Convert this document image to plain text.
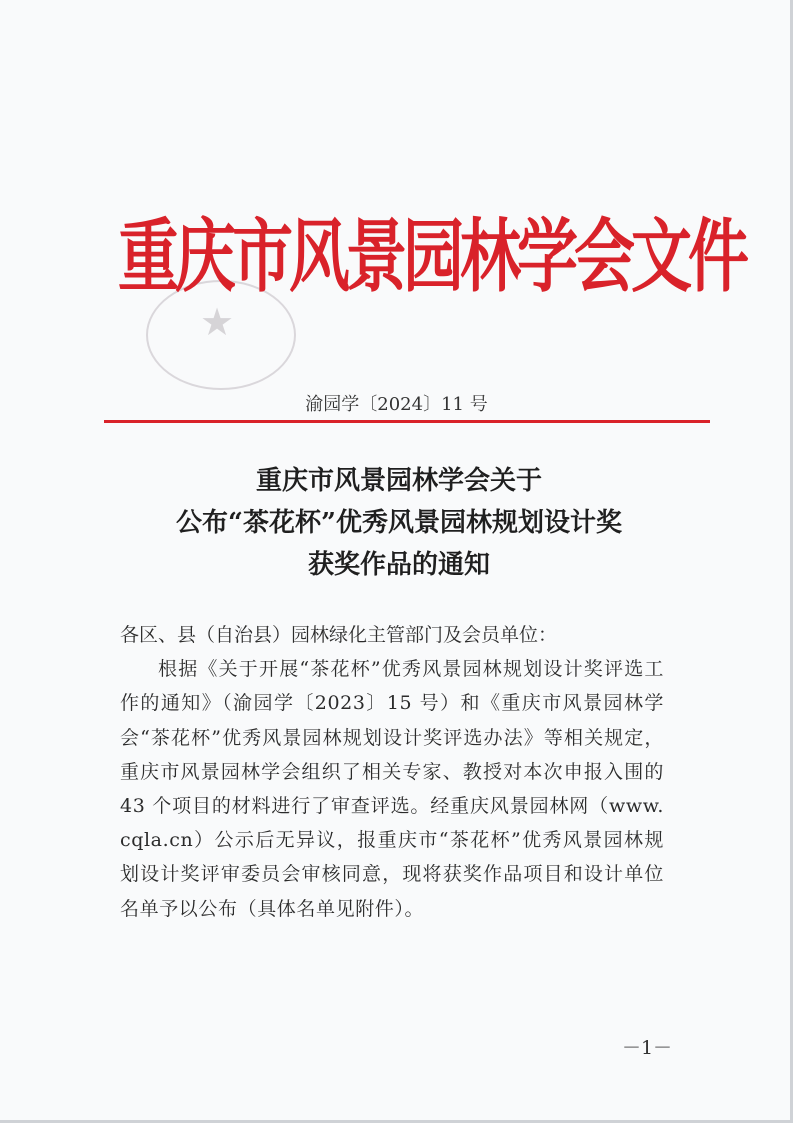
★
重庆市风景园林学会文件
渝园学〔2024〕11 号
重庆市风景园林学会关于
公布“茶花杯”优秀风景园林规划设计奖
获奖作品的通知

各区、县（自治县）园林绿化主管部门及会员单位：

根据《关于开展“茶花杯”优秀风景园林规划设计奖评选工作的通知》（渝园学〔2023〕15 号）和《重庆市风景园林学会“茶花杯”优秀风景园林规划设计奖评选办法》等相关规定，重庆市风景园林学会组织了相关专家、教授对本次申报入围的 43 个项目的材料进行了审查评选。经重庆风景园林网（www.cqla.cn）公示后无异议，报重庆市“茶花杯”优秀风景园林规划设计奖评审委员会审核同意，现将获奖作品项目和设计单位名单予以公布（具体名单见附件）。

－1－
